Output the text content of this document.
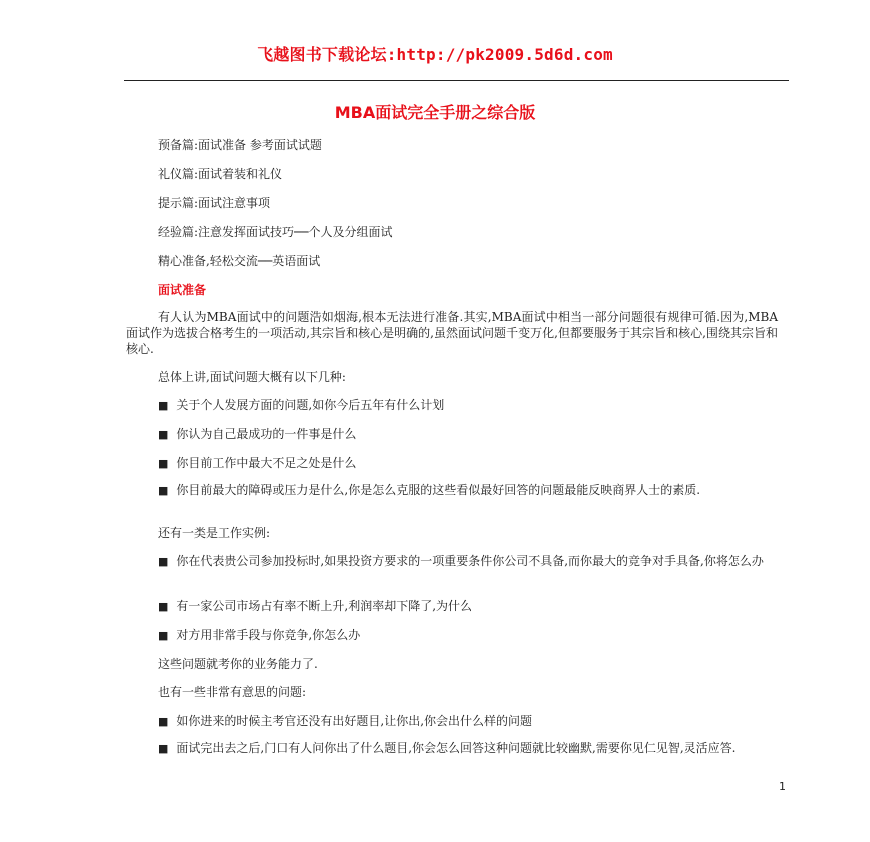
飞越图书下载论坛:http://pk2009.5d6d.com
MBA面试完全手册之综合版
预备篇:面试准备 参考面试试题
礼仪篇:面试着装和礼仪
提示篇:面试注意事项
经验篇:注意发挥面试技巧──个人及分组面试
精心准备,轻松交流──英语面试
面试准备
有人认为MBA面试中的问题浩如烟海,根本无法进行准备.其实,MBA面试中相当一部分问题很有规律可循.因为,MBA面试作为选拔合格考生的一项活动,其宗旨和核心是明确的,虽然面试问题千变万化,但都要服务于其宗旨和核心,围绕其宗旨和核心.
总体上讲,面试问题大概有以下几种:
■ 关于个人发展方面的问题,如你今后五年有什么计划
■ 你认为自己最成功的一件事是什么
■ 你目前工作中最大不足之处是什么
■ 你目前最大的障碍或压力是什么,你是怎么克服的这些看似最好回答的问题最能反映商界人士的素质.
还有一类是工作实例:
■ 你在代表贵公司参加投标时,如果投资方要求的一项重要条件你公司不具备,而你最大的竞争对手具备,你将怎么办
■ 有一家公司市场占有率不断上升,利润率却下降了,为什么
■ 对方用非常手段与你竞争,你怎么办
这些问题就考你的业务能力了.
也有一些非常有意思的问题:
■ 如你进来的时候主考官还没有出好题目,让你出,你会出什么样的问题
■ 面试完出去之后,门口有人问你出了什么题目,你会怎么回答这种问题就比较幽默,需要你见仁见智,灵活应答.
1
